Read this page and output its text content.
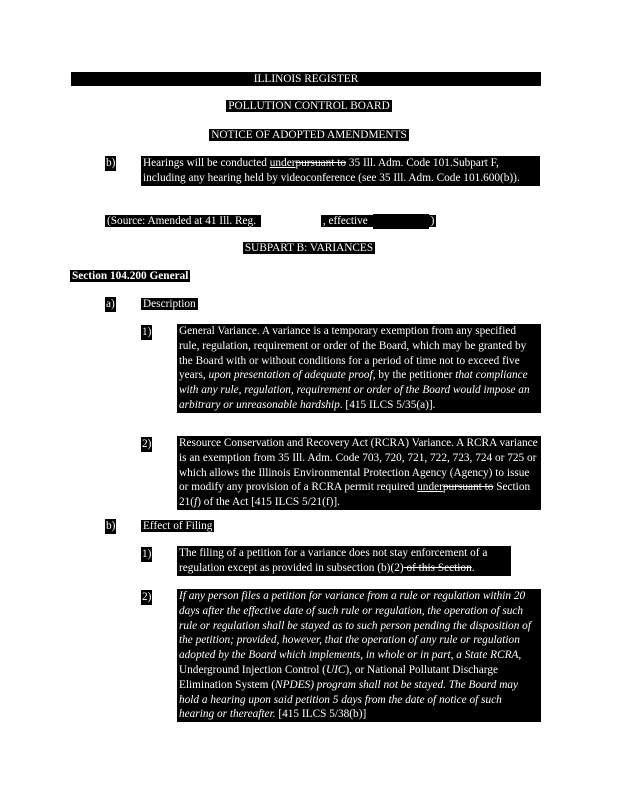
ILLINOIS REGISTER
POLLUTION CONTROL BOARD
NOTICE OF ADOPTED AMENDMENTS
b) Hearings will be conducted underpursuant to 35 Ill. Adm. Code 101.Subpart F, including any hearing held by videoconference (see 35 Ill. Adm. Code 101.600(b)).
(Source: Amended at 41 Ill. Reg.	, effective	)
SUBPART B: VARIANCES
Section 104.200 General
a) Description
1) General Variance. A variance is a temporary exemption from any specified rule, regulation, requirement or order of the Board, which may be granted by the Board with or without conditions for a period of time not to exceed five years, upon presentation of adequate proof, by the petitioner that compliance with any rule, regulation, requirement or order of the Board would impose an arbitrary or unreasonable hardship. [415 ILCS 5/35(a)].
2) Resource Conservation and Recovery Act (RCRA) Variance. A RCRA variance is an exemption from 35 Ill. Adm. Code 703, 720, 721, 722, 723, 724 or 725 or which allows the Illinois Environmental Protection Agency (Agency) to issue or modify any provision of a RCRA permit required underpursuant to Section 21(f) of the Act [415 ILCS 5/21(f)].
b) Effect of Filing
1) The filing of a petition for a variance does not stay enforcement of a regulation except as provided in subsection (b)(2) of this Section.
2) If any person files a petition for variance from a rule or regulation within 20 days after the effective date of such rule or regulation, the operation of such rule or regulation shall be stayed as to such person pending the disposition of the petition; provided, however, that the operation of any rule or regulation adopted by the Board which implements, in whole or in part, a State RCRA, Underground Injection Control (UIC), or National Pollutant Discharge Elimination System (NPDES) program shall not be stayed. The Board may hold a hearing upon said petition 5 days from the date of notice of such hearing or thereafter. [415 ILCS 5/38(b)]
